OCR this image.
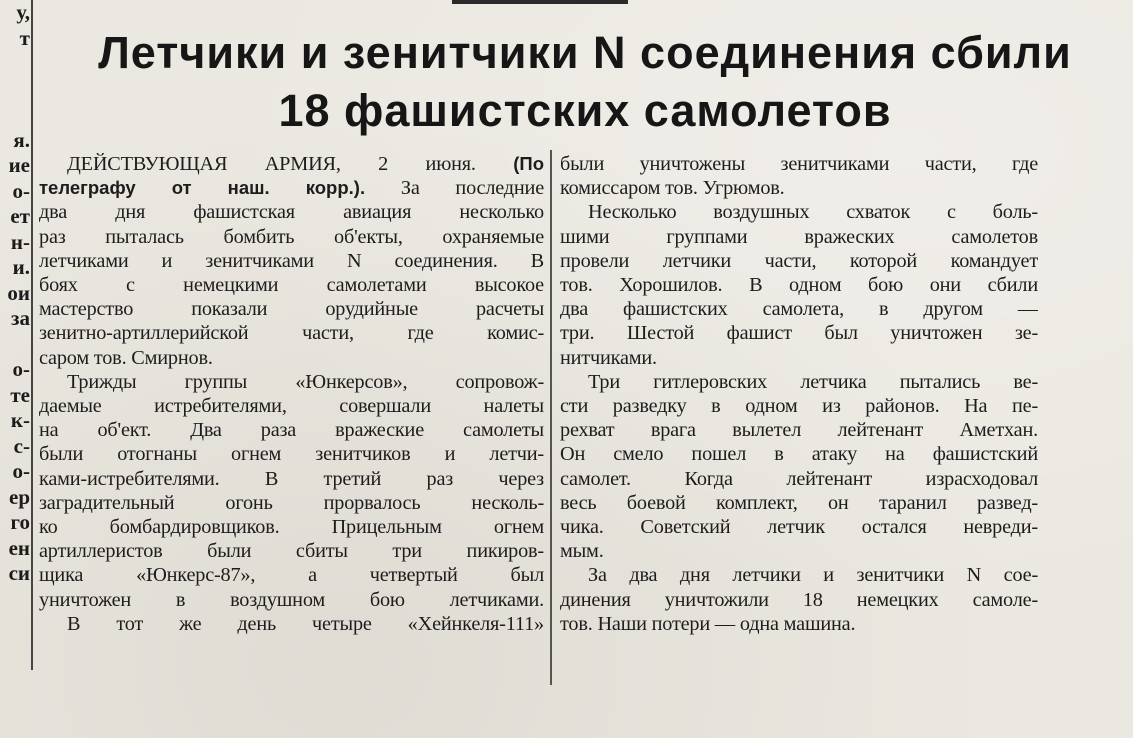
у,
т
я.
ие
о-
ет
н-
и.
ои
за
о-
те
к-
с-
о-
ер
го
ен
си
Летчики и зенитчики N соединения сбили
18 фашистских самолетов
ДЕЙСТВУЮЩАЯ АРМИЯ, 2 июня. (По
телеграфу от наш. корр.). За последние
два дня фашистская авиация несколько
раз пыталась бомбить об'екты, охраняемые
летчиками и зенитчиками N соединения. В
боях с немецкими самолетами высокое
мастерство показали орудийные расчеты
зенитно-артиллерийской части, где комис-
саром тов. Смирнов.
Трижды группы «Юнкерсов», сопровож-
даемые истребителями, совершали налеты
на об'ект. Два раза вражеские самолеты
были отогнаны огнем зенитчиков и летчи-
ками-истребителями. В третий раз через
заградительный огонь прорвалось несколь-
ко бомбардировщиков. Прицельным огнем
артиллеристов были сбиты три пикиров-
щика «Юнкерс-87», а четвертый был
уничтожен в воздушном бою летчиками.
В тот же день четыре «Хейнкеля-111»
были уничтожены зенитчиками части, где
комиссаром тов. Угрюмов.
Несколько воздушных схваток с боль-
шими группами вражеских самолетов
провели летчики части, которой командует
тов. Хорошилов. В одном бою они сбили
два фашистских самолета, в другом —
три. Шестой фашист был уничтожен зе-
нитчиками.
Три гитлеровских летчика пытались ве-
сти разведку в одном из районов. На пе-
рехват врага вылетел лейтенант Аметхан.
Он смело пошел в атаку на фашистский
самолет. Когда лейтенант израсходовал
весь боевой комплект, он таранил развед-
чика. Советский летчик остался невреди-
мым.
За два дня летчики и зенитчики N сое-
динения уничтожили 18 немецких самоле-
тов. Наши потери — одна машина.
